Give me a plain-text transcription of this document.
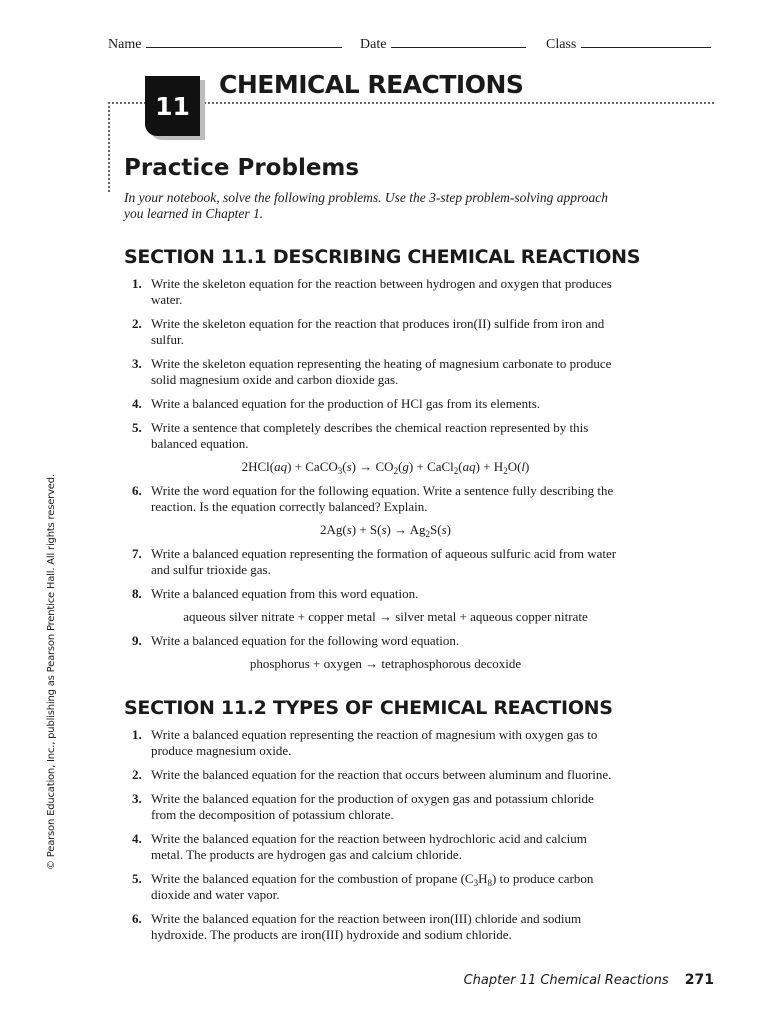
Name	Date	Class
11
CHEMICAL REACTIONS
Practice Problems
In your notebook, solve the following problems. Use the 3-step problem-solving approach you learned in Chapter 1.
SECTION 11.1 DESCRIBING CHEMICAL REACTIONS
1. Write the skeleton equation for the reaction between hydrogen and oxygen that produces water.
2. Write the skeleton equation for the reaction that produces iron(II) sulfide from iron and sulfur.
3. Write the skeleton equation representing the heating of magnesium carbonate to produce solid magnesium oxide and carbon dioxide gas.
4. Write a balanced equation for the production of HCl gas from its elements.
5. Write a sentence that completely describes the chemical reaction represented by this balanced equation.
2HCl(aq) + CaCO$_3$(s) → $CO_2(g)$ + CaCl$_2$(aq) + $H_2O(l)$
6. Write the word equation for the following equation. Write a sentence fully describing the reaction. Is the equation correctly balanced? Explain.
$2Ag(s) + S(s) \to Ag_2S(s)$
7. Write a balanced equation representing the formation of aqueous sulfuric acid from water and sulfur trioxide gas.
8. Write a balanced equation from this word equation.
aqueous silver nitrate + copper metal → silver metal + aqueous copper nitrate
9. Write a balanced equation for the following word equation.
phosphorus + oxygen → tetraphosphorous decoxide
SECTION 11.2 TYPES OF CHEMICAL REACTIONS
1. Write a balanced equation representing the reaction of magnesium with oxygen gas to produce magnesium oxide.
2. Write the balanced equation for the reaction that occurs between aluminum and fluorine.
3. Write the balanced equation for the production of oxygen gas and potassium chloride from the decomposition of potassium chlorate.
4. Write the balanced equation for the reaction between hydrochloric acid and calcium metal. The products are hydrogen gas and calcium chloride.
5. Write the balanced equation for the combustion of propane $(C_3H_8)$ to produce carbon dioxide and water vapor.
6. Write the balanced equation for the reaction between iron(III) chloride and sodium hydroxide. The products are iron(III) hydroxide and sodium chloride.
© Pearson Education, Inc., publishing as Pearson Prentice Hall. All rights reserved.
Chapter 11 Chemical Reactions 271
